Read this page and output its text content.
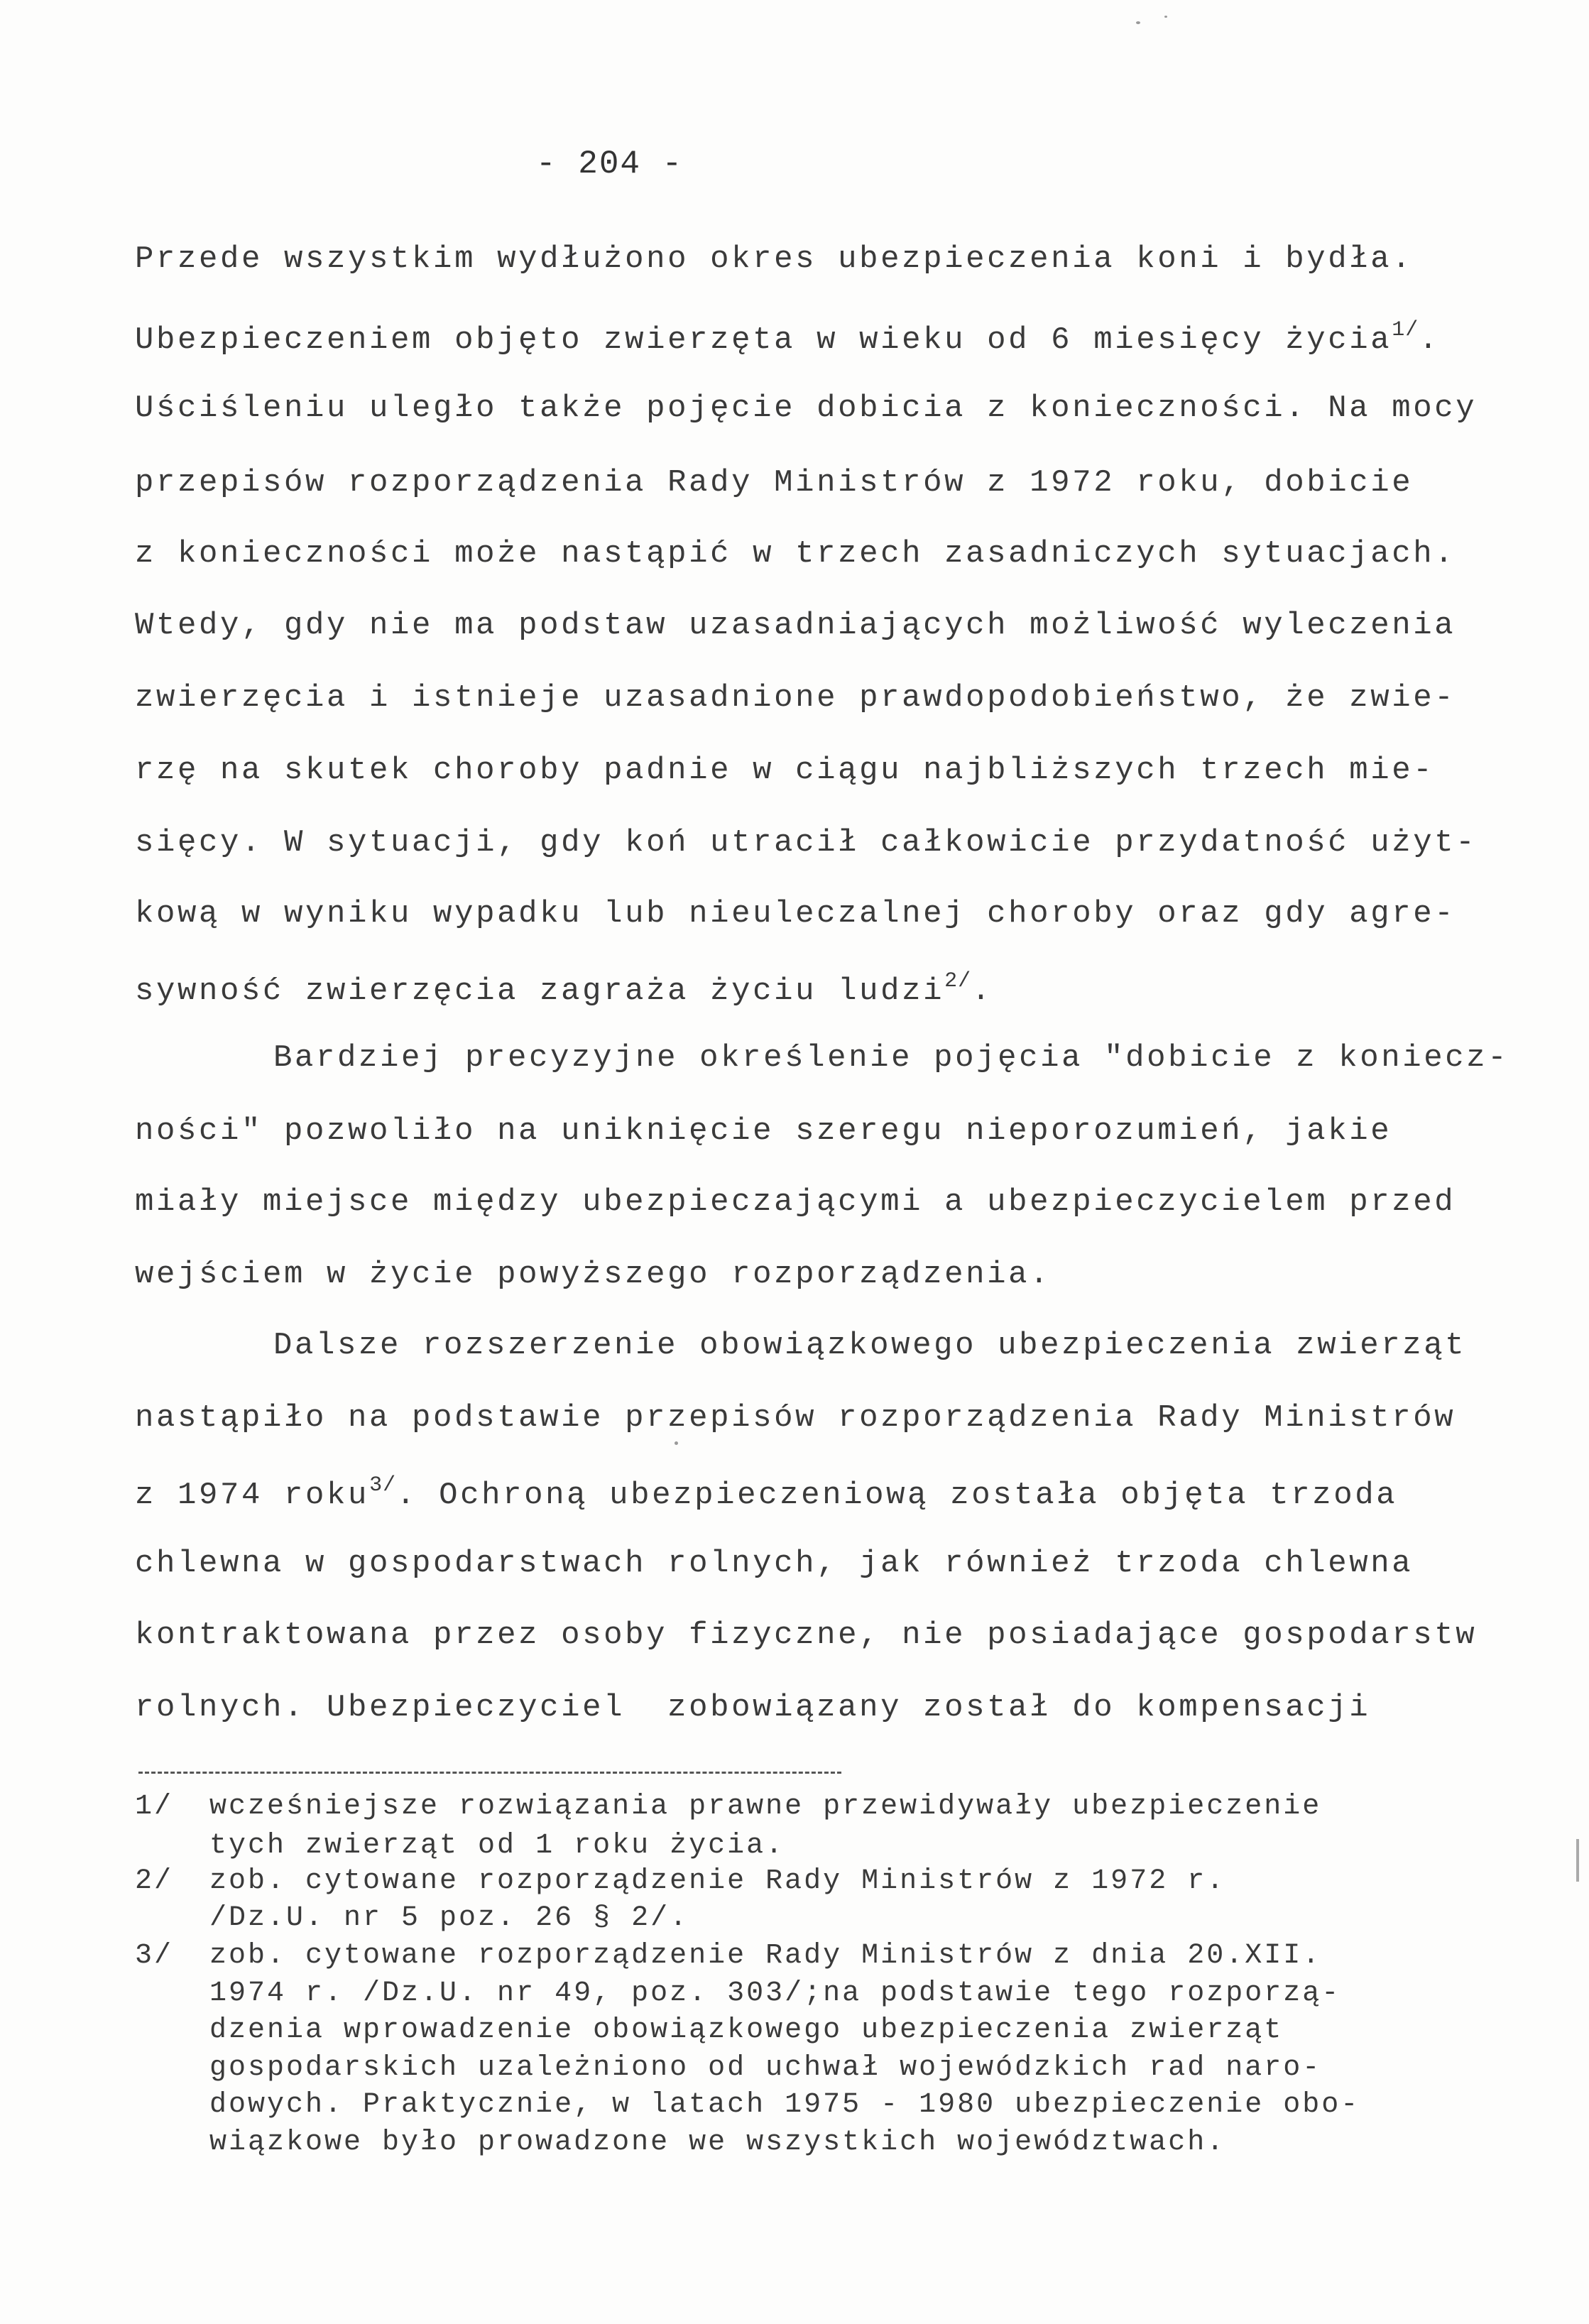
- 204 -
Przede wszystkim wydłużono okres ubezpieczenia koni i bydła.
Ubezpieczeniem objęto zwierzęta w wieku od 6 miesięcy życia$^{1/}$.
Uściśleniu uległo także pojęcie dobicia z konieczności. Na mocy
przepisów rozporządzenia Rady Ministrów z 1972 roku, dobicie
z konieczności może nastąpić w trzech zasadniczych sytuacjach.
Wtedy, gdy nie ma podstaw uzasadniających możliwość wyleczenia
zwierzęcia i istnieje uzasadnione prawdopodobieństwo, że zwie-
rzę na skutek choroby padnie w ciągu najbliższych trzech mie-
sięcy. W sytuacji, gdy koń utracił całkowicie przydatność użyt-
kową w wyniku wypadku lub nieuleczalnej choroby oraz gdy agre-
sywność zwierzęcia zagraża życiu ludzi$^{2/}$.
Bardziej precyzyjne określenie pojęcia "dobicie z koniecz-
ności" pozwoliło na uniknięcie szeregu nieporozumień, jakie
miały miejsce między ubezpieczającymi a ubezpieczycielem przed
wejściem w życie powyższego rozporządzenia.
Dalsze rozszerzenie obowiązkowego ubezpieczenia zwierząt
nastąpiło na podstawie przepisów rozporządzenia Rady Ministrów
z 1974 roku$^{3/}$. Ochroną ubezpieczeniową została objęta trzoda
chlewna w gospodarstwach rolnych, jak również trzoda chlewna
kontraktowana przez osoby fizyczne, nie posiadające gospodarstw
rolnych. Ubezpieczyciel  zobowiązany został do kompensacji
1/ wcześniejsze rozwiązania prawne przewidywały ubezpieczenie
tych zwierząt od 1 roku życia.
2/ zob. cytowane rozporządzenie Rady Ministrów z 1972 r.
/Dz.U. nr 5 poz. 26 § 2/.
3/ zob. cytowane rozporządzenie Rady Ministrów z dnia 20.XII.
1974 r. /Dz.U. nr 49, poz. 303/;na podstawie tego rozporzą-
dzenia wprowadzenie obowiązkowego ubezpieczenia zwierząt
gospodarskich uzależniono od uchwał wojewódzkich rad naro-
dowych. Praktycznie, w latach 1975 - 1980 ubezpieczenie obo-
wiązkowe było prowadzone we wszystkich województwach.
